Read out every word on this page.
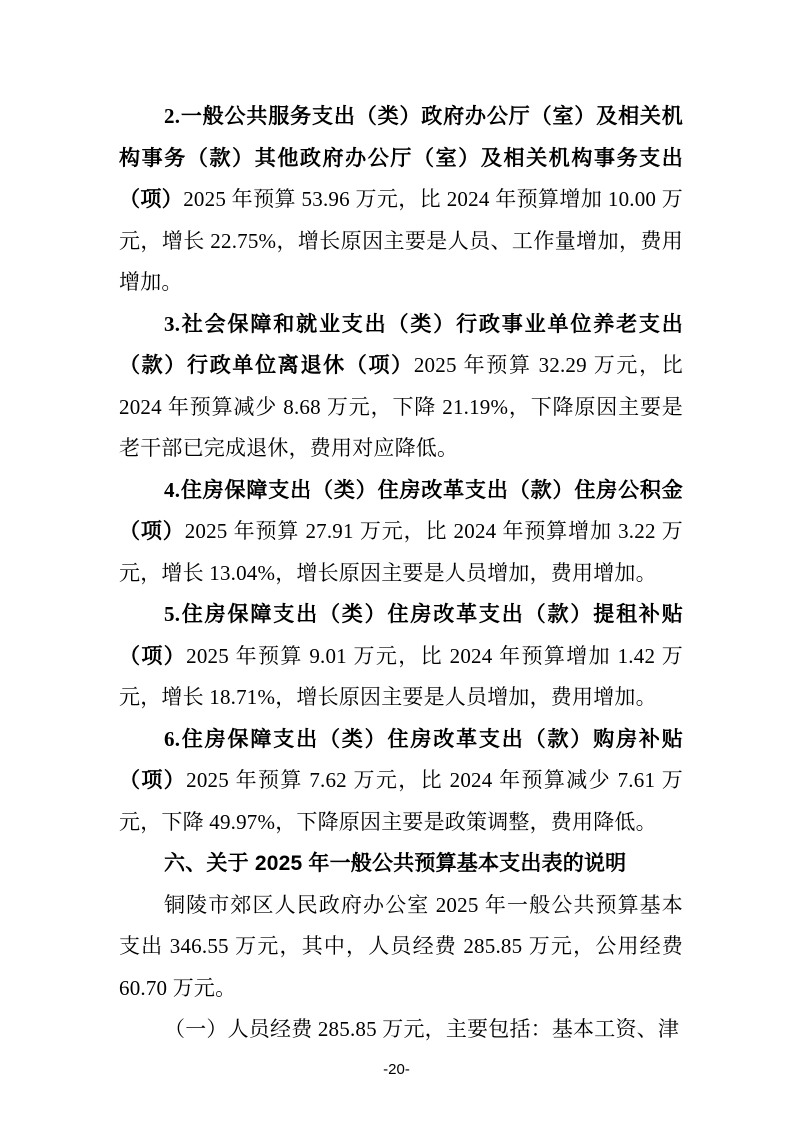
2.一般公共服务支出（类）政府办公厅（室）及相关机构事务（款）其他政府办公厅（室）及相关机构事务支出（项）2025 年预算 53.96 万元，比 2024 年预算增加 10.00 万元，增长 22.75%，增长原因主要是人员、工作量增加，费用增加。

3.社会保障和就业支出（类）行政事业单位养老支出（款）行政单位离退休（项）2025 年预算 32.29 万元，比 2024 年预算减少 8.68 万元，下降 21.19%，下降原因主要是老干部已完成退休，费用对应降低。

4.住房保障支出（类）住房改革支出（款）住房公积金（项）2025 年预算 27.91 万元，比 2024 年预算增加 3.22 万元，增长 13.04%，增长原因主要是人员增加，费用增加。

5.住房保障支出（类）住房改革支出（款）提租补贴（项）2025 年预算 9.01 万元，比 2024 年预算增加 1.42 万元，增长 18.71%，增长原因主要是人员增加，费用增加。

6.住房保障支出（类）住房改革支出（款）购房补贴（项）2025 年预算 7.62 万元，比 2024 年预算减少 7.61 万元，下降 49.97%，下降原因主要是政策调整，费用降低。

六、关于 2025 年一般公共预算基本支出表的说明

铜陵市郊区人民政府办公室 2025 年一般公共预算基本支出 346.55 万元，其中，人员经费 285.85 万元，公用经费 60.70 万元。

（一）人员经费 285.85 万元，主要包括：基本工资、津

-20-
